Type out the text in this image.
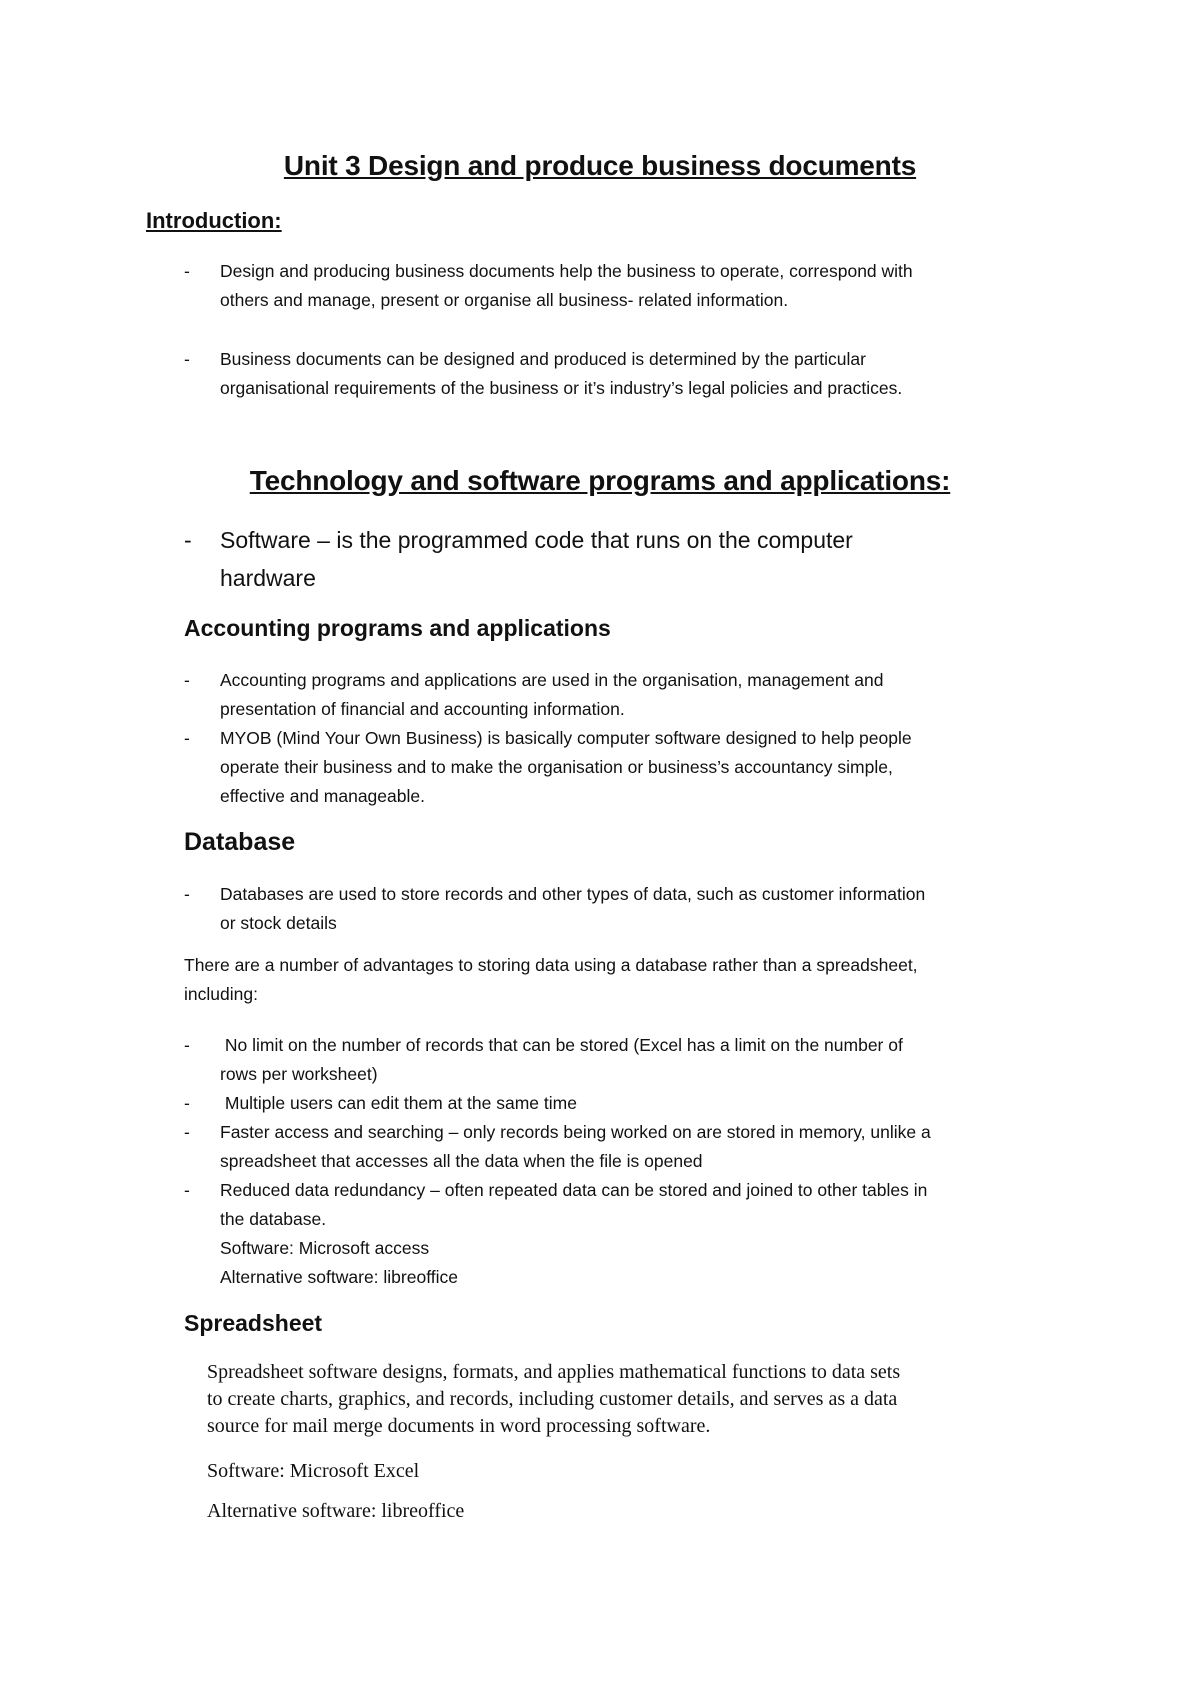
Unit 3 Design and produce business documents
Introduction:
- Design and producing business documents help the business to operate, correspond with
others and manage, present or organise all business- related information.
- Business documents can be designed and produced is determined by the particular
organisational requirements of the business or it’s industry’s legal policies and practices.
Technology and software programs and applications:
- Software – is the programmed code that runs on the computer
hardware
Accounting programs and applications
- Accounting programs and applications are used in the organisation, management and
presentation of financial and accounting information.
- MYOB (Mind Your Own Business) is basically computer software designed to help people
operate their business and to make the organisation or business’s accountancy simple,
effective and manageable.
Database
- Databases are used to store records and other types of data, such as customer information
or stock details
There are a number of advantages to storing data using a database rather than a spreadsheet,
including:
- No limit on the number of records that can be stored (Excel has a limit on the number of
rows per worksheet)
- Multiple users can edit them at the same time
- Faster access and searching – only records being worked on are stored in memory, unlike a
spreadsheet that accesses all the data when the file is opened
- Reduced data redundancy – often repeated data can be stored and joined to other tables in
the database.
Software: Microsoft access
Alternative software: libreoffice
Spreadsheet
Spreadsheet software designs, formats, and applies mathematical functions to data sets
to create charts, graphics, and records, including customer details, and serves as a data
source for mail merge documents in word processing software.

Software: Microsoft Excel

Alternative software: libreoffice
